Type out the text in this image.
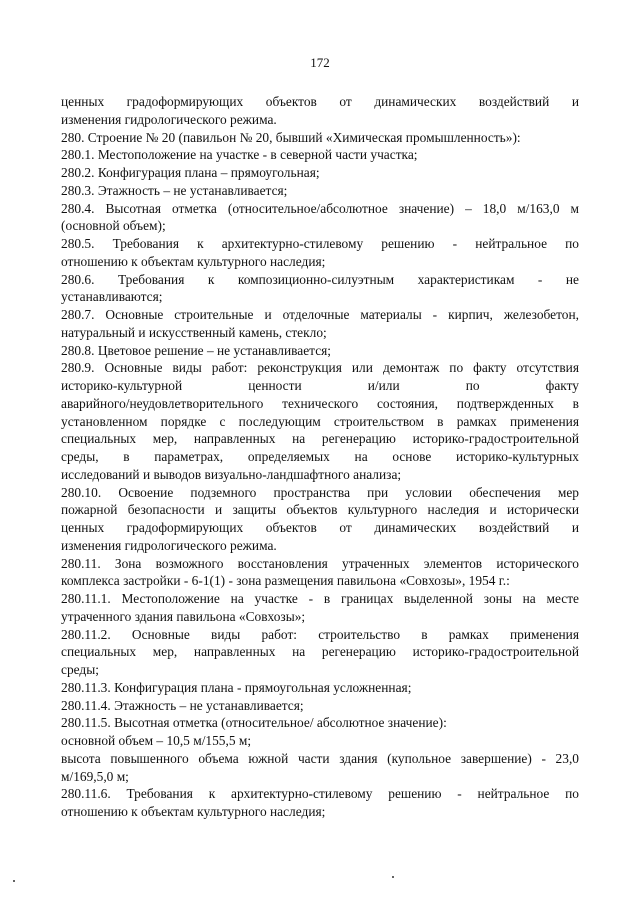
172
ценных градоформирующих объектов от динамических воздействий и
изменения гидрологического режима.
280. Строение № 20 (павильон № 20, бывший «Химическая промышленность»):
280.1. Местоположение на участке - в северной части участка;
280.2. Конфигурация плана – прямоугольная;
280.3. Этажность – не устанавливается;
280.4. Высотная отметка (относительное/абсолютное значение) – 18,0 м/163,0 м
(основной объем);
280.5. Требования к архитектурно-стилевому решению - нейтральное по
отношению к объектам культурного наследия;
280.6. Требования к композиционно-силуэтным характеристикам - не
устанавливаются;
280.7. Основные строительные и отделочные материалы - кирпич, железобетон,
натуральный и искусственный камень, стекло;
280.8. Цветовое решение – не устанавливается;
280.9. Основные виды работ: реконструкция или демонтаж по факту отсутствия
историко-культурной ценности и/или по факту
аварийного/неудовлетворительного технического состояния, подтвержденных в
установленном порядке с последующим строительством в рамках применения
специальных мер, направленных на регенерацию историко-градостроительной
среды, в параметрах, определяемых на основе историко-культурных
исследований и выводов визуально-ландшафтного анализа;
280.10. Освоение подземного пространства при условии обеспечения мер
пожарной безопасности и защиты объектов культурного наследия и исторически
ценных градоформирующих объектов от динамических воздействий и
изменения гидрологического режима.
280.11. Зона возможного восстановления утраченных элементов исторического
комплекса застройки - 6-1(1) - зона размещения павильона «Совхозы», 1954 г.:
280.11.1. Местоположение на участке - в границах выделенной зоны на месте
утраченного здания павильона «Совхозы»;
280.11.2. Основные виды работ: строительство в рамках применения
специальных мер, направленных на регенерацию историко-градостроительной
среды;
280.11.3. Конфигурация плана - прямоугольная усложненная;
280.11.4. Этажность – не устанавливается;
280.11.5. Высотная отметка (относительное/ абсолютное значение):
основной объем – 10,5 м/155,5 м;
высота повышенного объема южной части здания (купольное завершение) - 23,0
м/169,5,0 м;
280.11.6. Требования к архитектурно-стилевому решению - нейтральное по
отношению к объектам культурного наследия;
